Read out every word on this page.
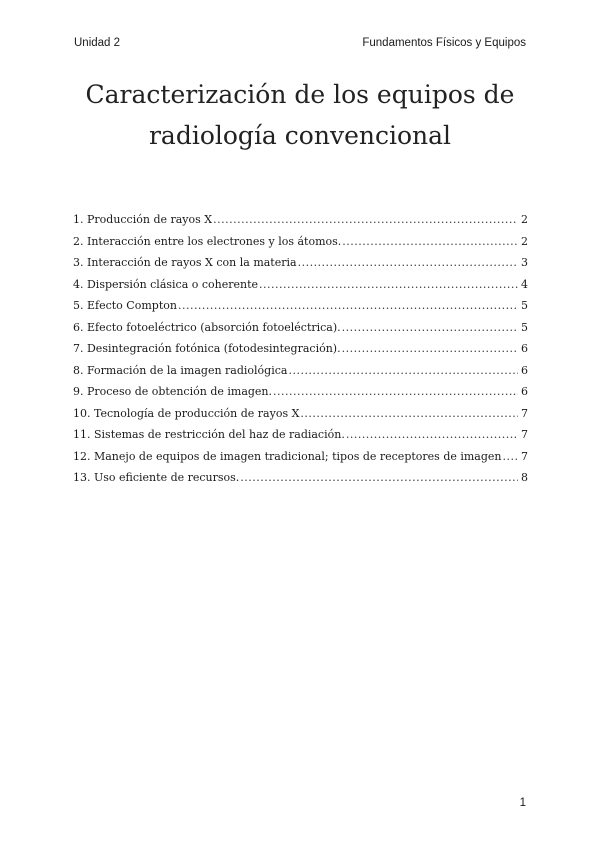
Unidad 2	Fundamentos Físicos y Equipos
Caracterización de los equipos de
radiología convencional
1. Producción de rayos X .....	2
2. Interacción entre los electrones y los átomos. .....	2
3. Interacción de rayos X con la materia .....	3
4. Dispersión clásica o coherente .....	4
5. Efecto Compton .....	5
6. Efecto fotoeléctrico (absorción fotoeléctrica). .....	5
7. Desintegración fotónica (fotodesintegración). .....	6
8. Formación de la imagen radiológica .....	6
9. Proceso de obtención de imagen. .....	6
10. Tecnología de producción de rayos X .....	7
11. Sistemas de restricción del haz de radiación. .....	7
12. Manejo de equipos de imagen tradicional; tipos de receptores de imagen ..... 7
13. Uso eficiente de recursos. .....	8
1
